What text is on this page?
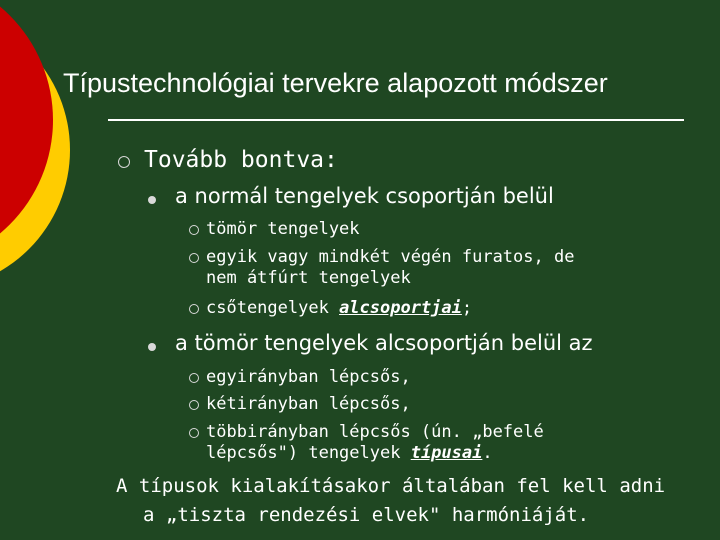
Típustechnológiai tervekre alapozott módszer
Tovább bontva:
a normál tengelyek csoportján belül
tömör tengelyek
egyik vagy mindkét végén furatos, de
nem átfúrt tengelyek
csőtengelyek alcsoportjai;
a tömör tengelyek alcsoportján belül az
egyirányban lépcsős,
kétirányban lépcsős,
többirányban lépcsős (ún. „befelé
lépcsős") tengelyek típusai.
A típusok kialakításakor általában fel kell adni
a „tiszta rendezési elvek" harmóniáját.
